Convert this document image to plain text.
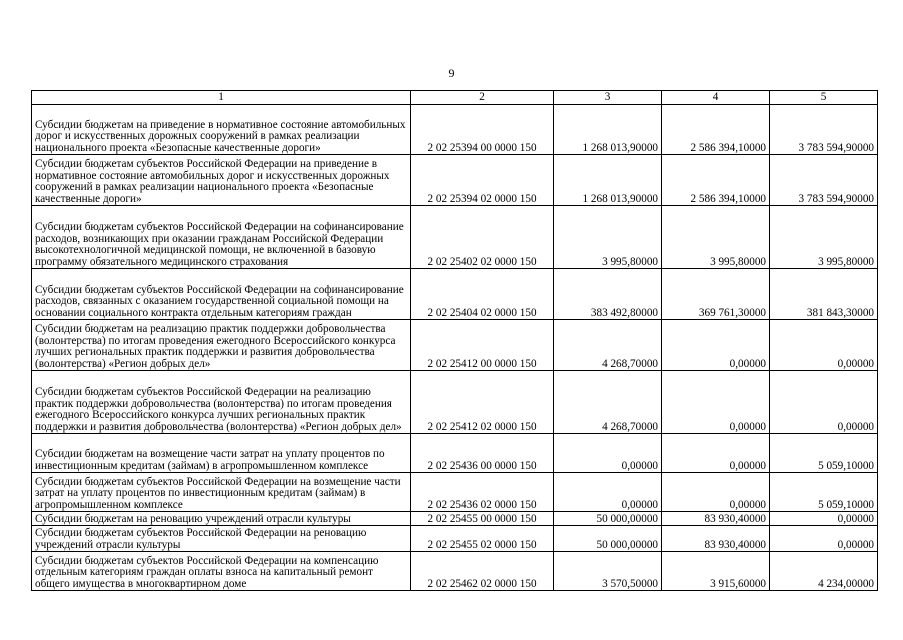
9
1	2	3	4	5
Субсидии бюджетам на приведение в нормативное состояние автомобильных дорог и искусственных дорожных сооружений в рамках реализации национального проекта «Безопасные качественные дороги»	2 02 25394 00 0000 150	1 268 013,90000	2 586 394,10000	3 783 594,90000
Субсидии бюджетам субъектов Российской Федерации на приведение в нормативное состояние автомобильных дорог и искусственных дорожных сооружений в рамках реализации национального проекта «Безопасные качественные дороги»	2 02 25394 02 0000 150	1 268 013,90000	2 586 394,10000	3 783 594,90000
Субсидии бюджетам субъектов Российской Федерации на софинансирование расходов, возникающих при оказании гражданам Российской Федерации высокотехнологичной медицинской помощи, не включенной в базовую программу обязательного медицинского страхования	2 02 25402 02 0000 150	3 995,80000	3 995,80000	3 995,80000
Субсидии бюджетам субъектов Российской Федерации на софинансирование расходов, связанных с оказанием государственной социальной помощи на основании социального контракта отдельным категориям граждан	2 02 25404 02 0000 150	383 492,80000	369 761,30000	381 843,30000
Субсидии бюджетам на реализацию практик поддержки добровольчества (волонтерства) по итогам проведения ежегодного Всероссийского конкурса лучших региональных практик поддержки и развития добровольчества (волонтерства) «Регион добрых дел»	2 02 25412 00 0000 150	4 268,70000	0,00000	0,00000
Субсидии бюджетам субъектов Российской Федерации на реализацию практик поддержки добровольчества (волонтерства) по итогам проведения ежегодного Всероссийского конкурса лучших региональных практик поддержки и развития добровольчества (волонтерства) «Регион добрых дел»	2 02 25412 02 0000 150	4 268,70000	0,00000	0,00000
Субсидии бюджетам на возмещение части затрат на уплату процентов по инвестиционным кредитам (займам) в агропромышленном комплексе	2 02 25436 00 0000 150	0,00000	0,00000	5 059,10000
Субсидии бюджетам субъектов Российской Федерации на возмещение части затрат на уплату процентов по инвестиционным кредитам (займам) в агропромышленном комплексе	2 02 25436 02 0000 150	0,00000	0,00000	5 059,10000
Субсидии бюджетам на реновацию учреждений отрасли культуры	2 02 25455 00 0000 150	50 000,00000	83 930,40000	0,00000
Субсидии бюджетам субъектов Российской Федерации на реновацию учреждений отрасли культуры	2 02 25455 02 0000 150	50 000,00000	83 930,40000	0,00000
Субсидии бюджетам субъектов Российской Федерации на компенсацию отдельным категориям граждан оплаты взноса на капитальный ремонт общего имущества в многоквартирном доме	2 02 25462 02 0000 150	3 570,50000	3 915,60000	4 234,00000
